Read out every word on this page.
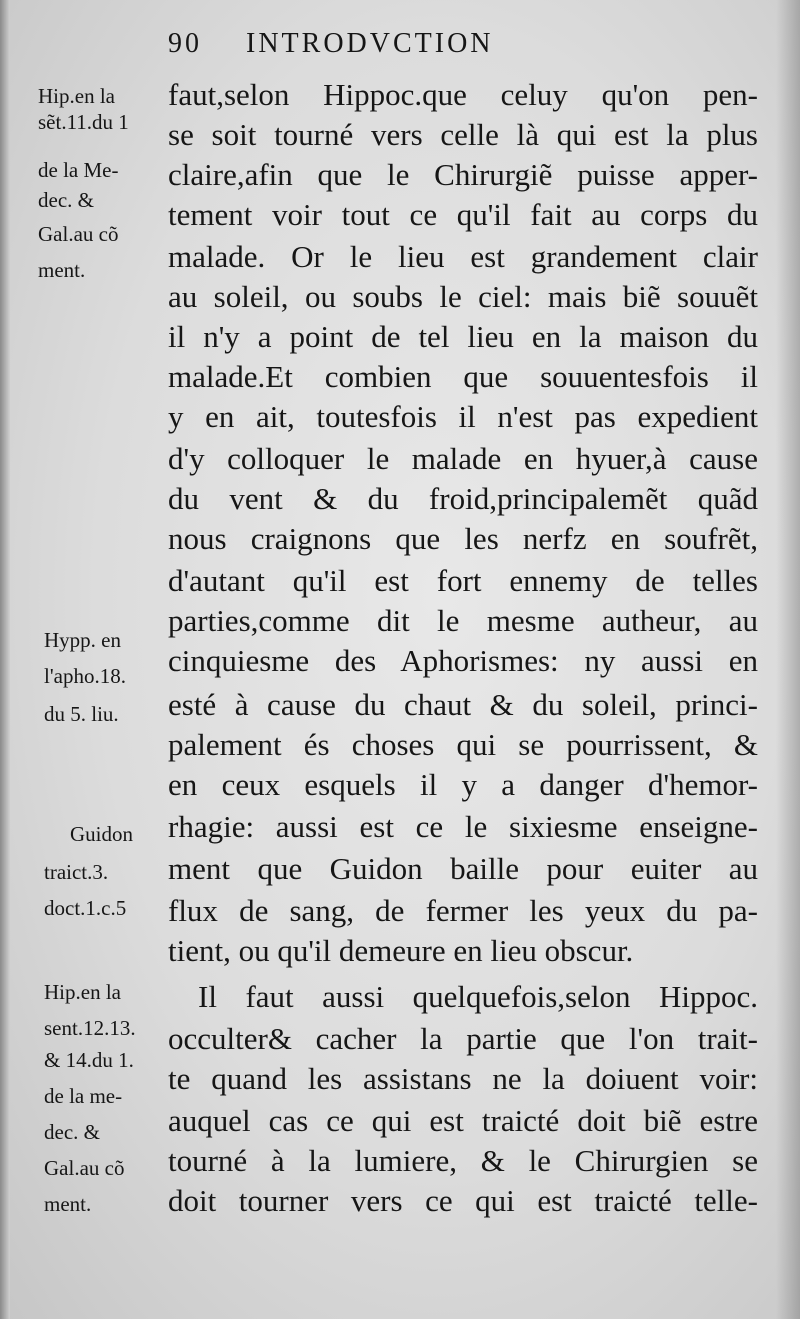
90 INTRODVCTION
Hip.en la
sẽt.11.du 1
de la Me-
dec. &
Gal.au cõ
ment.
Hypp. en
l'apho.18.
du 5. liu.
Guidon
traict.3.
doct.1.c.5
Hip.en la
sent.12.13.
& 14.du 1.
de la me-
dec. &
Gal.au cõ
ment.
faut,selon Hippoc.que celuy qu'on pen-
se soit tourné vers celle là qui est la plus
claire,afin que le Chirurgiẽ puisse apper-
tement voir tout ce qu'il fait au corps du
malade. Or le lieu est grandement clair
au soleil, ou soubs le ciel: mais biẽ souuẽt
il n'y a point de tel lieu en la maison du
malade.Et combien que souuentesfois il
y en ait, toutesfois il n'est pas expedient
d'y colloquer le malade en hyuer,à cause
du vent & du froid,principalemẽt quãd
nous craignons que les nerfz en soufrẽt,
d'autant qu'il est fort ennemy de telles
parties,comme dit le mesme autheur, au
cinquiesme des Aphorismes: ny aussi en
esté à cause du chaut & du soleil, princi-
palement és choses qui se pourrissent, &
en ceux esquels il y a danger d'hemor-
rhagie: aussi est ce le sixiesme enseigne-
ment que Guidon baille pour euiter au
flux de sang, de fermer les yeux du pa-
tient, ou qu'il demeure en lieu obscur.
Il faut aussi quelquefois,selon Hippoc.
occulter& cacher la partie que l'on trait-
te quand les assistans ne la doiuent voir:
auquel cas ce qui est traicté doit biẽ estre
tourné à la lumiere, & le Chirurgien se
doit tourner vers ce qui est traicté telle-
